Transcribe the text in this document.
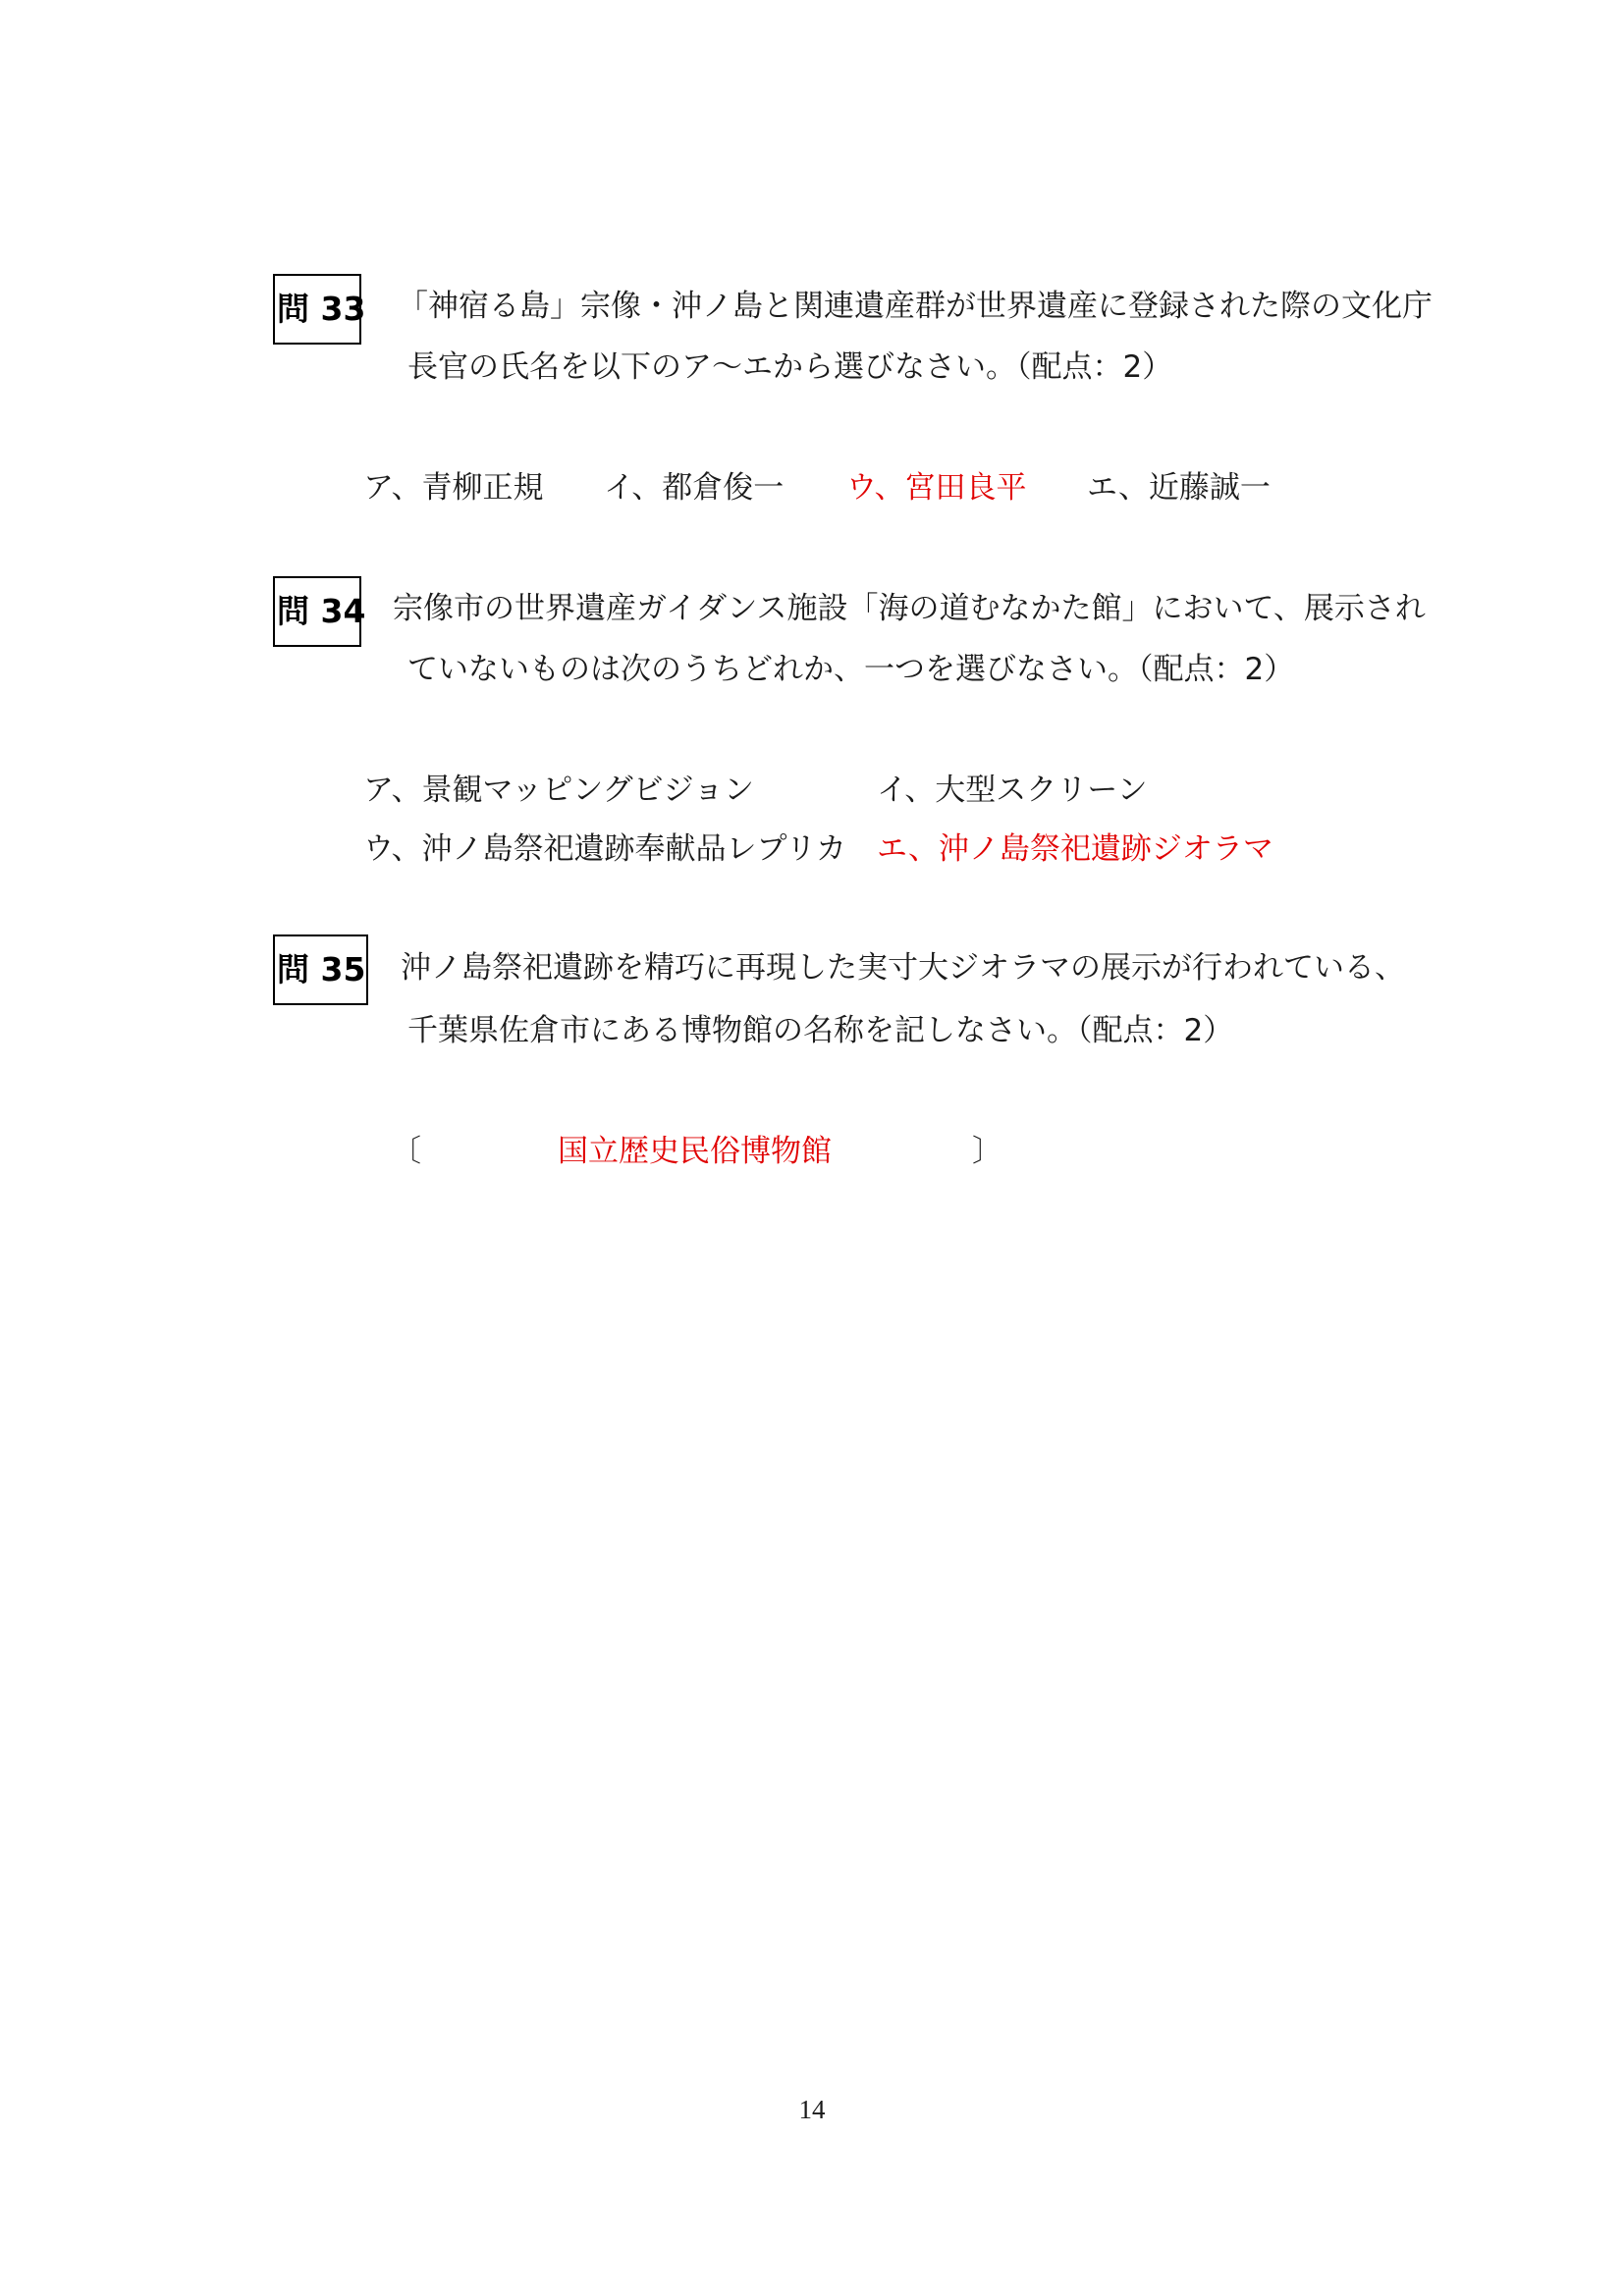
問 33 「神宿る島」宗像・沖ノ島と関連遺産群が世界遺産に登録された際の文化庁
長官の氏名を以下のア～エから選びなさい。（配点：2）
ア、青柳正規 イ、都倉俊一 ウ、宮田良平 エ、近藤誠一
問 34 宗像市の世界遺産ガイダンス施設「海の道むなかた館」において、展示され
ていないものは次のうちどれか、一つを選びなさい。（配点：2）
ア、景観マッピングビジョン	イ、大型スクリーン
ウ、沖ノ島祭祀遺跡奉献品レプリカ エ、沖ノ島祭祀遺跡ジオラマ
問 35 沖ノ島祭祀遺跡を精巧に再現した実寸大ジオラマの展示が行われている、
千葉県佐倉市にある博物館の名称を記しなさい。（配点：2）
〔	国立歴史民俗博物館	〕
14
